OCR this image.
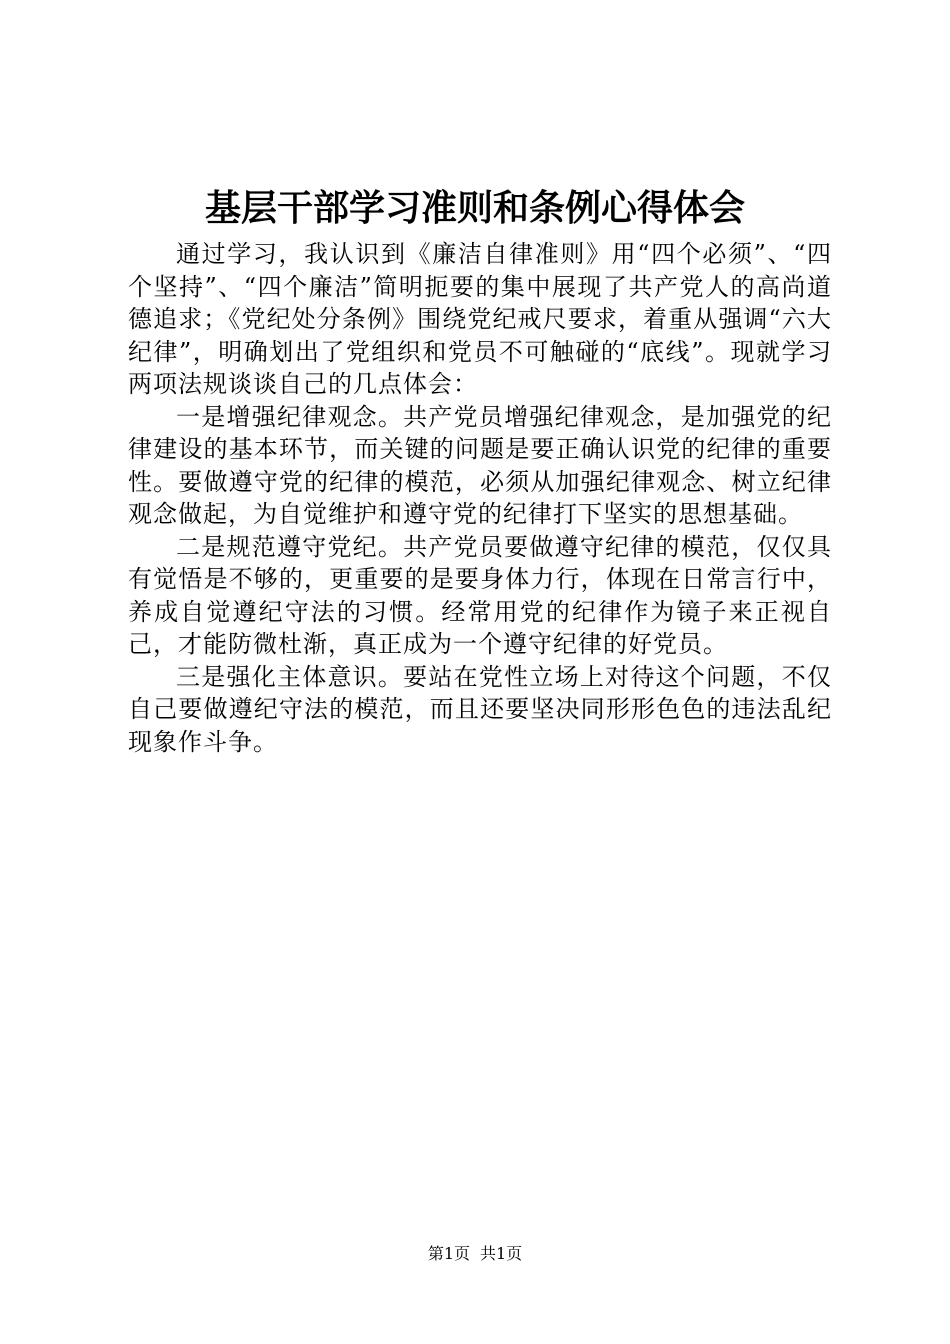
基层干部学习准则和条例心得体会

通过学习，我认识到《廉洁自律准则》用“四个必须”、“四个坚持”、“四个廉洁”简明扼要的集中展现了共产党人的高尚道德追求；《党纪处分条例》围绕党纪戒尺要求，着重从强调“六大纪律”，明确划出了党组织和党员不可触碰的“底线”。现就学习两项法规谈谈自己的几点体会：

一是增强纪律观念。共产党员增强纪律观念，是加强党的纪律建设的基本环节，而关键的问题是要正确认识党的纪律的重要性。要做遵守党的纪律的模范，必须从加强纪律观念、树立纪律观念做起，为自觉维护和遵守党的纪律打下坚实的思想基础。

二是规范遵守党纪。共产党员要做遵守纪律的模范，仅仅具有觉悟是不够的，更重要的是要身体力行，体现在日常言行中，养成自觉遵纪守法的习惯。经常用党的纪律作为镜子来正视自己，才能防微杜渐，真正成为一个遵守纪律的好党员。

三是强化主体意识。要站在党性立场上对待这个问题，不仅自己要做遵纪守法的模范，而且还要坚决同形形色色的违法乱纪现象作斗争。

第1页 共1页
